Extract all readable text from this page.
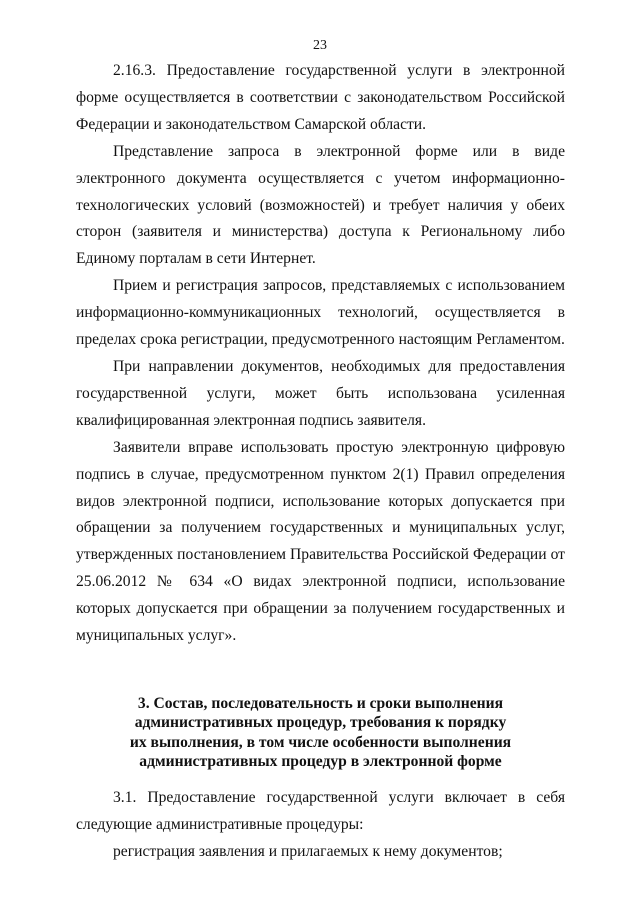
23

2.16.3. Предоставление государственной услуги в электронной форме осуществляется в соответствии с законодательством Российской Федерации и законодательством Самарской области.

Представление запроса в электронной форме или в виде электронного документа осуществляется с учетом информационно-технологических условий (возможностей) и требует наличия у обеих сторон (заявителя и министерства) доступа к Региональному либо Единому порталам в сети Интернет.

Прием и регистрация запросов, представляемых с использованием информационно-коммуникационных технологий, осуществляется в пределах срока регистрации, предусмотренного настоящим Регламентом.

При направлении документов, необходимых для предоставления государственной услуги, может быть использована усиленная квалифицированная электронная подпись заявителя.

Заявители вправе использовать простую электронную цифровую подпись в случае, предусмотренном пунктом 2(1) Правил определения видов электронной подписи, использование которых допускается при обращении за получением государственных и муниципальных услуг, утвержденных постановлением Правительства Российской Федерации от 25.06.2012 № 634 «О видах электронной подписи, использование которых допускается при обращении за получением государственных и муниципальных услуг».

3. Состав, последовательность и сроки выполнения
административных процедур, требования к порядку
их выполнения, в том числе особенности выполнения
административных процедур в электронной форме

3.1. Предоставление государственной услуги включает в себя следующие административные процедуры:

регистрация заявления и прилагаемых к нему документов;
